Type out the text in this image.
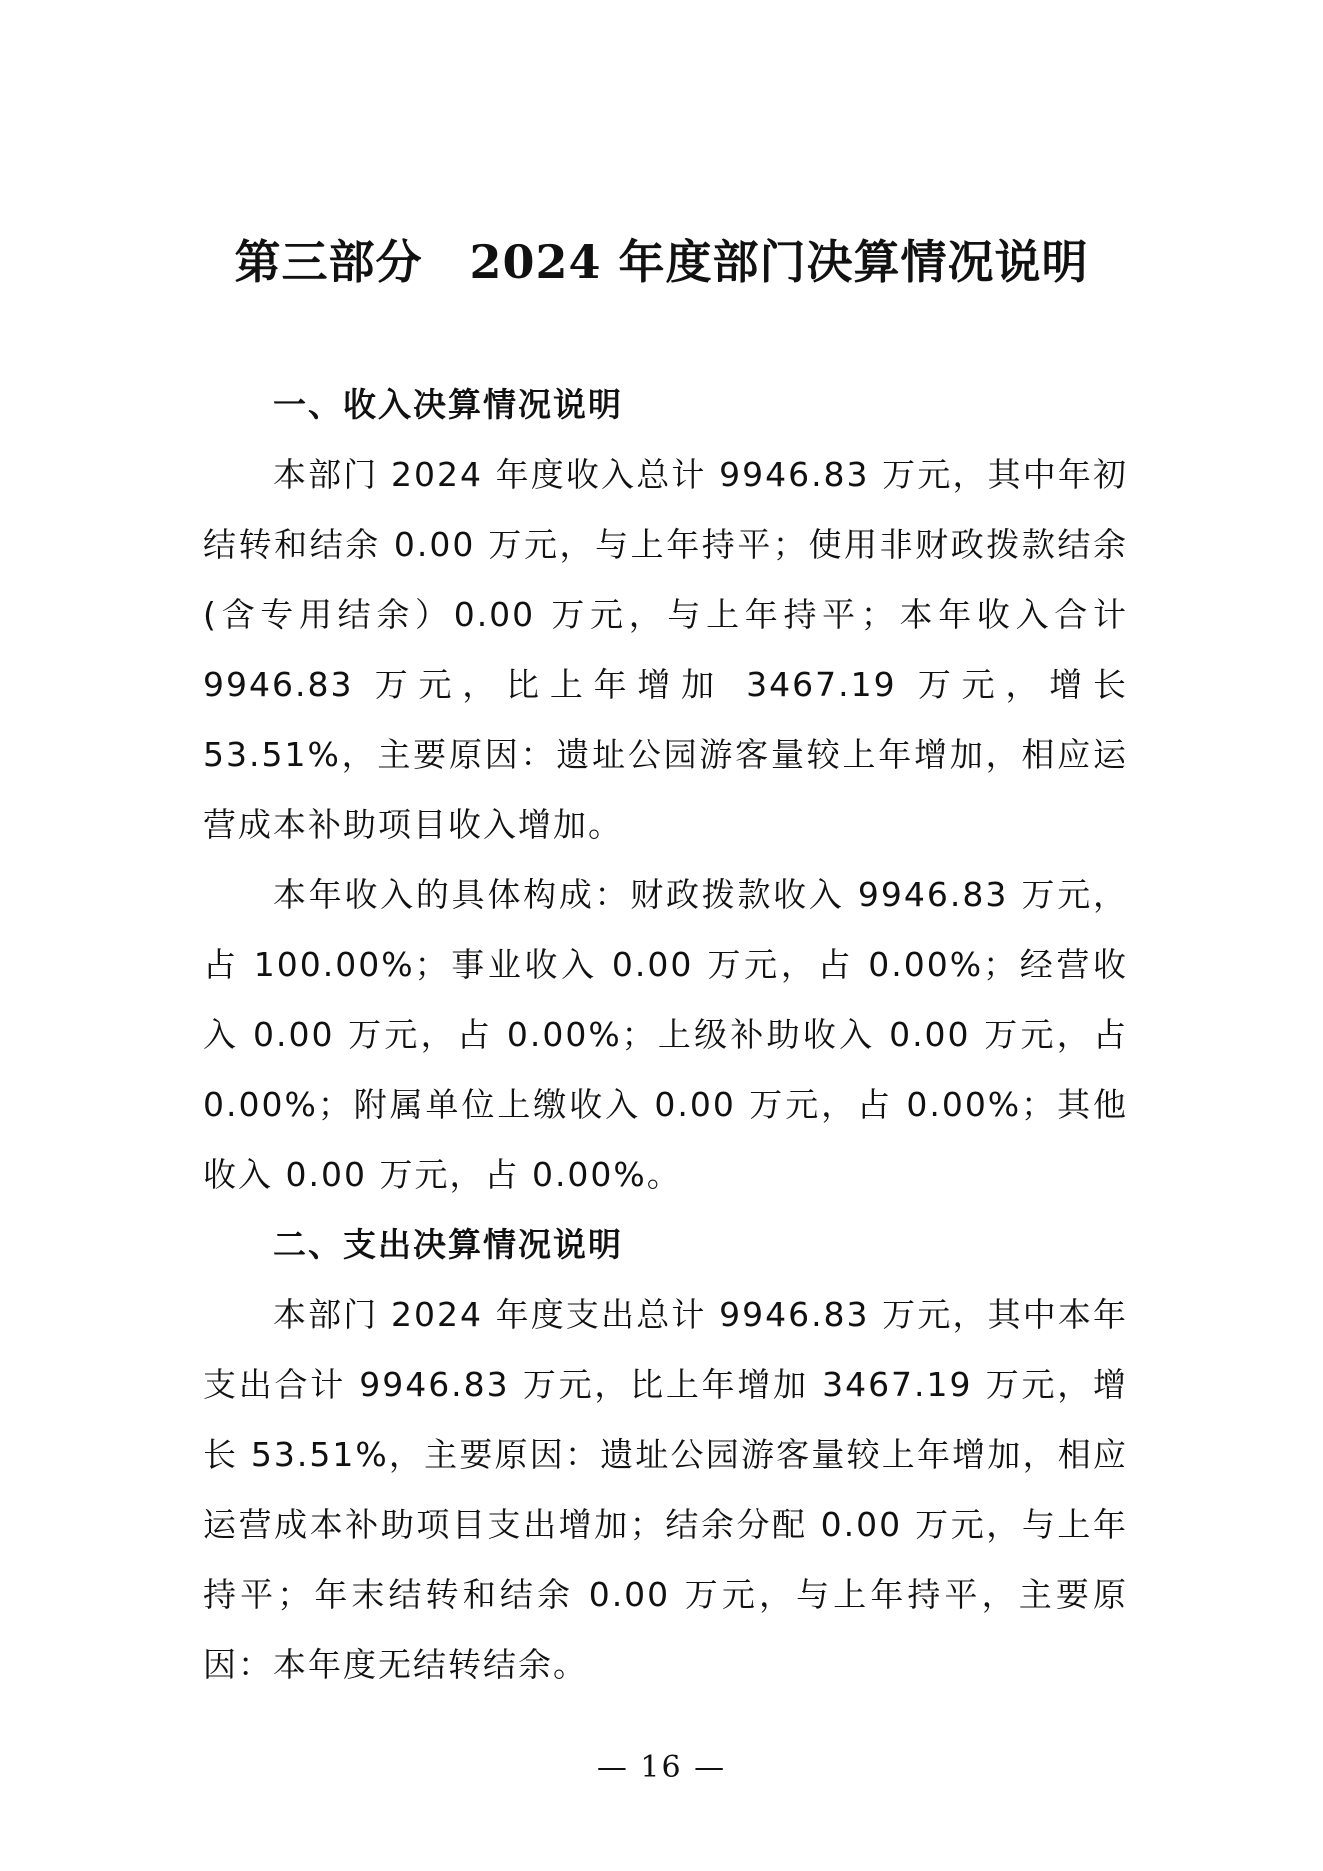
第三部分　2024 年度部门决算情况说明

一、收入决算情况说明

本部门 2024 年度收入总计 9946.83 万元，其中年初结转和结余 0.00 万元，与上年持平；使用非财政拨款结余(含专用结余）0.00 万元，与上年持平；本年收入合计 9946.83 万元，比上年增加 3467.19 万元，增长 53.51%，主要原因：遗址公园游客量较上年增加，相应运营成本补助项目收入增加。

本年收入的具体构成：财政拨款收入 9946.83 万元，占 100.00%；事业收入 0.00 万元，占 0.00%；经营收入 0.00 万元，占 0.00%；上级补助收入 0.00 万元，占 0.00%；附属单位上缴收入 0.00 万元，占 0.00%；其他收入 0.00 万元，占 0.00%。

二、支出决算情况说明

本部门 2024 年度支出总计 9946.83 万元，其中本年支出合计 9946.83 万元，比上年增加 3467.19 万元，增长 53.51%，主要原因：遗址公园游客量较上年增加，相应运营成本补助项目支出增加；结余分配 0.00 万元，与上年持平；年末结转和结余 0.00 万元，与上年持平，主要原因：本年度无结转结余。

— 16 —
